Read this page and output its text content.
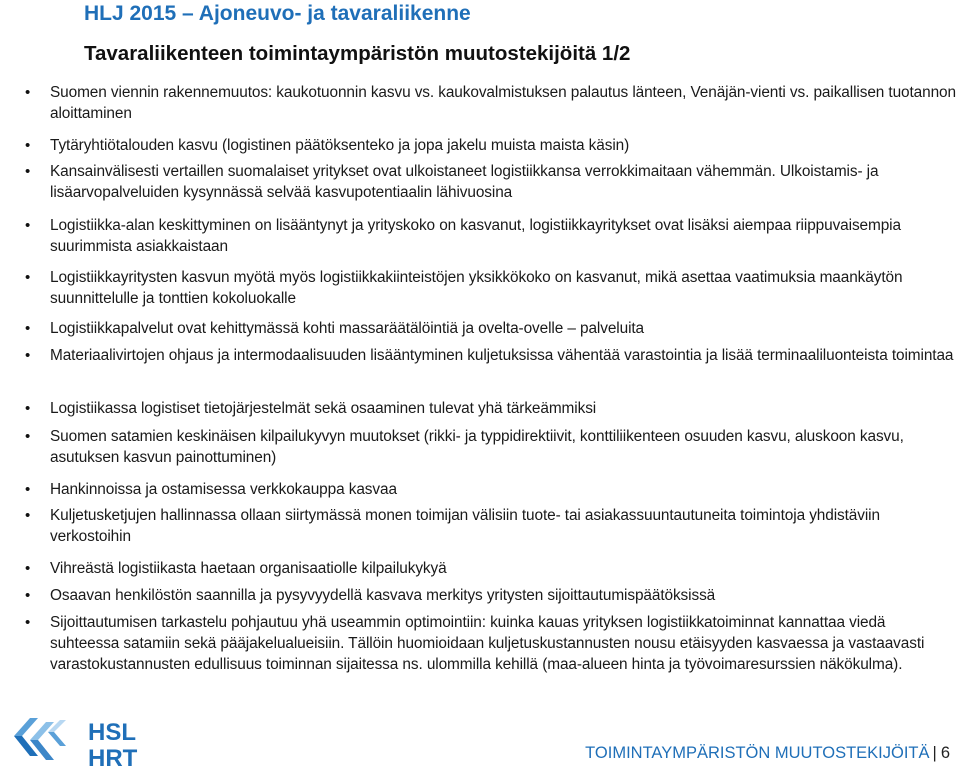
HLJ 2015 – Ajoneuvo- ja tavaraliikenne
Tavaraliikenteen toimintaympäristön muutostekijöitä 1/2
• Suomen viennin rakennemuutos: kaukotuonnin kasvu vs. kaukovalmistuksen palautus länteen, Venäjän-vienti vs. paikallisen tuotannon aloittaminen
• Tytäryhtiötalouden kasvu (logistinen päätöksenteko ja jopa jakelu muista maista käsin)
• Kansainvälisesti vertaillen suomalaiset yritykset ovat ulkoistaneet logistiikkansa verrokkimaitaan vähemmän. Ulkoistamis- ja lisäarvopalveluiden kysynnässä selvää kasvupotentiaalin lähivuosina
• Logistiikka-alan keskittyminen on lisääntynyt ja yrityskoko on kasvanut, logistiikkayritykset ovat lisäksi aiempaa riippuvaisempia suurimmista asiakkaistaan
• Logistiikkayritysten kasvun myötä myös logistiikkakiinteistöjen yksikkökoko on kasvanut, mikä asettaa vaatimuksia maankäytön suunnittelulle ja tonttien kokoluokalle
• Logistiikkapalvelut ovat kehittymässä kohti massaräätälöintiä ja ovelta-ovelle – palveluita
• Materiaalivirtojen ohjaus ja intermodaalisuuden lisääntyminen kuljetuksissa vähentää varastointia ja lisää terminaaliluonteista toimintaa
• Logistiikassa logistiset tietojärjestelmät sekä osaaminen tulevat yhä tärkeämmiksi
• Suomen satamien keskinäisen kilpailukyvyn muutokset (rikki- ja typpidirektiivit, konttiliikenteen osuuden kasvu, aluskoon kasvu, asutuksen kasvun painottuminen)
• Hankinnoissa ja ostamisessa verkkokauppa kasvaa
• Kuljetusketjujen hallinnassa ollaan siirtymässä monen toimijan välisiin tuote- tai asiakassuuntautuneita toimintoja yhdistäviin verkostoihin
• Vihreästä logistiikasta haetaan organisaatiolle kilpailukykyä
• Osaavan henkilöstön saannilla ja pysyvyydellä kasvava merkitys yritysten sijoittautumispäätöksissä
• Sijoittautumisen tarkastelu pohjautuu yhä useammin optimointiin: kuinka kauas yrityksen logistiikkatoiminnat kannattaa viedä suhteessa satamiin sekä pääjakelualueisiin. Tällöin huomioidaan kuljetuskustannusten nousu etäisyyden kasvaessa ja vastaavasti varastokustannusten edullisuus toiminnan sijaitessa ns. ulommilla kehillä (maa-alueen hinta ja työvoimaresurssien näkökulma).
HSL
HRT	TOIMINTAYMPÄRISTÖN MUUTOSTEKIJÖITÄ | 6
